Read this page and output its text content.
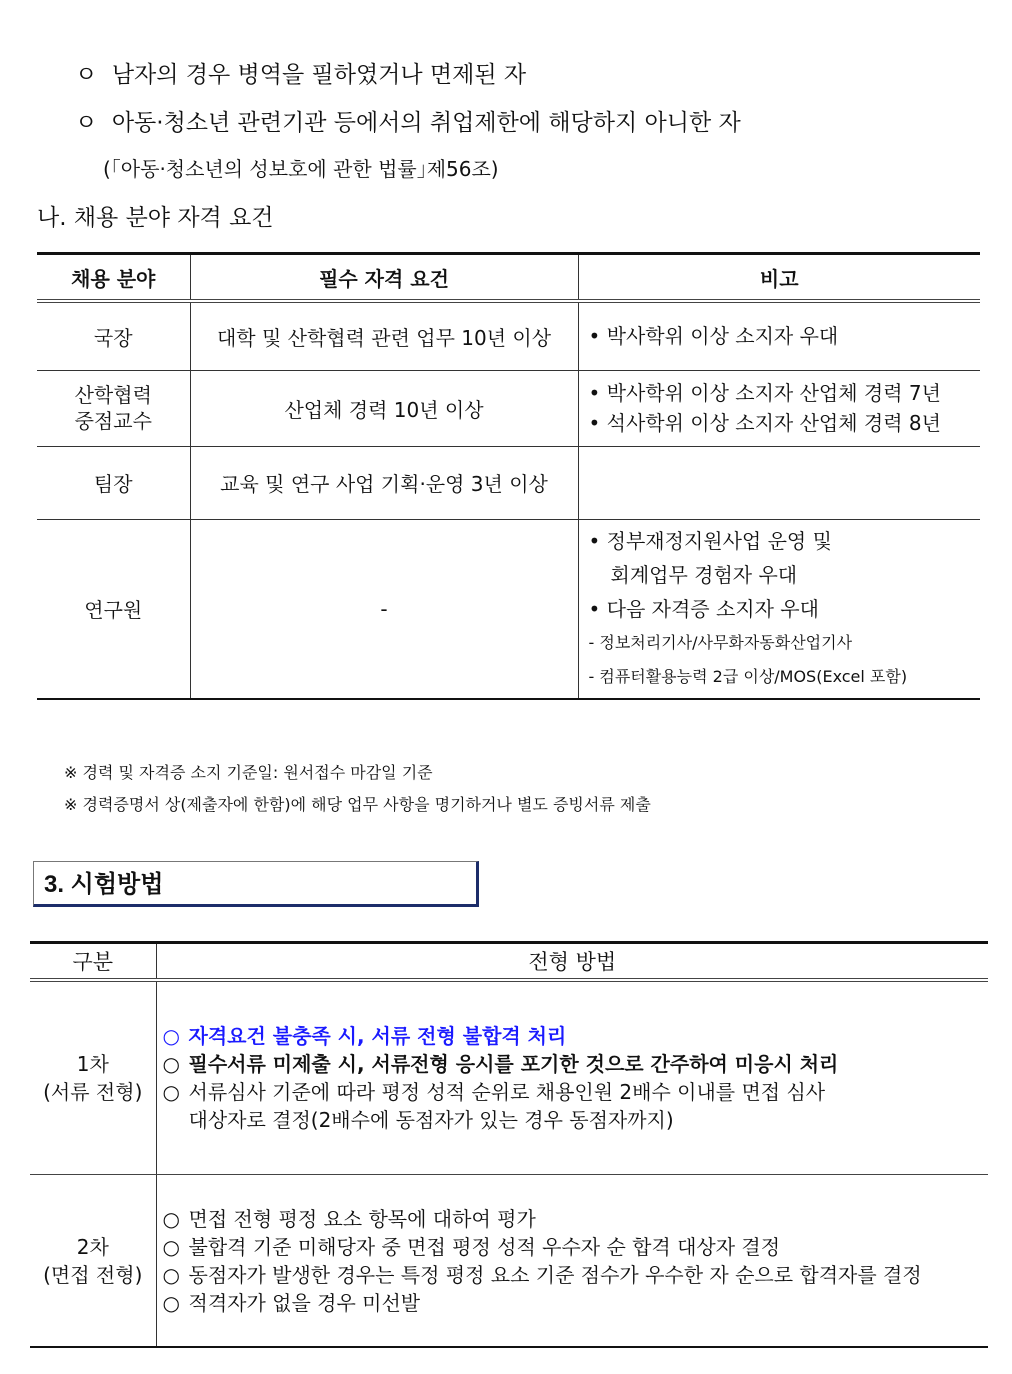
ㅇ 남자의 경우 병역을 필하였거나 면제된 자
ㅇ 아동·청소년 관련기관 등에서의 취업제한에 해당하지 아니한 자
(｢아동·청소년의 성보호에 관한 법률｣제56조)
나. 채용 분야 자격 요건
채용 분야	필수 자격 요건	비고
국장	대학 및 산학협력 관련 업무 10년 이상	• 박사학위 이상 소지자 우대

산학협력
중점교수	산업체 경력 10년 이상	• 박사학위 이상 소지자 산업체 경력 7년
• 석사학위 이상 소지자 산업체 경력 8년

팀장	교육 및 연구 사업 기획·운영 3년 이상	
연구원	-	• 정부재정지원사업 운영 및
회계업무 경험자 우대
• 다음 자격증 소지자 우대
- 정보처리기사/사무화자동화산업기사
- 컴퓨터활용능력 2급 이상/MOS(Excel 포함)
※ 경력 및 자격증 소지 기준일: 원서접수 마감일 기준
※ 경력증명서 상(제출자에 한함)에 해당 업무 사항을 명기하거나 별도 증빙서류 제출
3. 시험방법
구분	전형 방법

1차
(서류 전형)	○ 자격요건 불충족 시, 서류 전형 불합격 처리
○ 필수서류 미제출 시, 서류전형 응시를 포기한 것으로 간주하여 미응시 처리
○ 서류심사 기준에 따라 평정 성적 순위로 채용인원 2배수 이내를 면접 심사
대상자로 결정(2배수에 동점자가 있는 경우 동점자까지)

2차
(면접 전형)	○ 면접 전형 평정 요소 항목에 대하여 평가
○ 불합격 기준 미해당자 중 면접 평정 성적 우수자 순 합격 대상자 결정
○ 동점자가 발생한 경우는 특정 평정 요소 기준 점수가 우수한 자 순으로 합격자를 결정
○ 적격자가 없을 경우 미선발
